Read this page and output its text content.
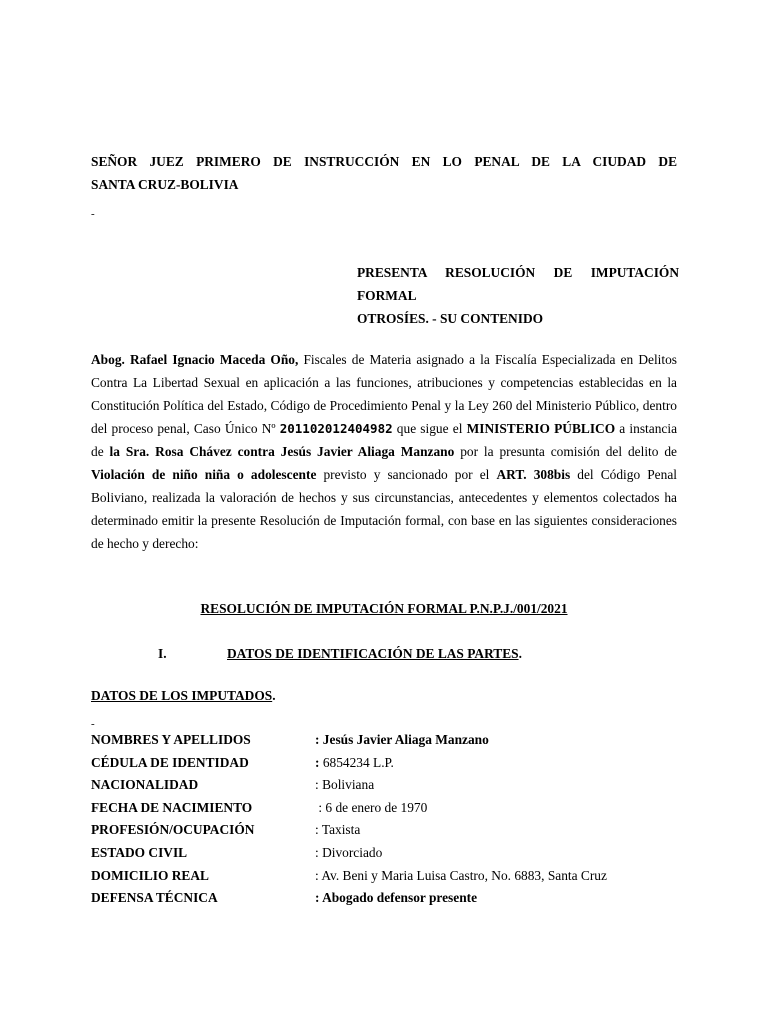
SEÑOR JUEZ PRIMERO DE INSTRUCCIÓN EN LO PENAL DE LA CIUDAD DE
SANTA CRUZ-BOLIVIA
-
PRESENTA RESOLUCIÓN DE IMPUTACIÓN
FORMAL
OTROSÍES. - SU CONTENIDO
Abog. Rafael Ignacio Maceda Oño, Fiscales de Materia asignado a la Fiscalía Especializada en Delitos Contra La Libertad Sexual en aplicación a las funciones, atribuciones y competencias establecidas en la Constitución Política del Estado, Código de Procedimiento Penal y la Ley 260 del Ministerio Público, dentro del proceso penal, Caso Único Nº 201102012404982 que sigue el MINISTERIO PÚBLICO a instancia de la Sra. Rosa Chávez contra Jesús Javier Aliaga Manzano por la presunta comisión del delito de Violación de niño niña o adolescente previsto y sancionado por el ART. 308bis del Código Penal Boliviano, realizada la valoración de hechos y sus circunstancias, antecedentes y elementos colectados ha determinado emitir la presente Resolución de Imputación formal, con base en las siguientes consideraciones de hecho y derecho:
RESOLUCIÓN DE IMPUTACIÓN FORMAL P.N.P.J./001/2021
I.	DATOS DE IDENTIFICACIÓN DE LAS PARTES.
DATOS DE LOS IMPUTADOS.
-
NOMBRES Y APELLIDOS	: Jesús Javier Aliaga Manzano
CÉDULA DE IDENTIDAD	: 6854234 L.P.
NACIONALIDAD	: Boliviana
FECHA DE NACIMIENTO	: 6 de enero de 1970
PROFESIÓN/OCUPACIÓN	: Taxista
ESTADO CIVIL	: Divorciado
DOMICILIO REAL	: Av. Beni y Maria Luisa Castro, No. 6883, Santa Cruz
DEFENSA TÉCNICA	: Abogado defensor presente
